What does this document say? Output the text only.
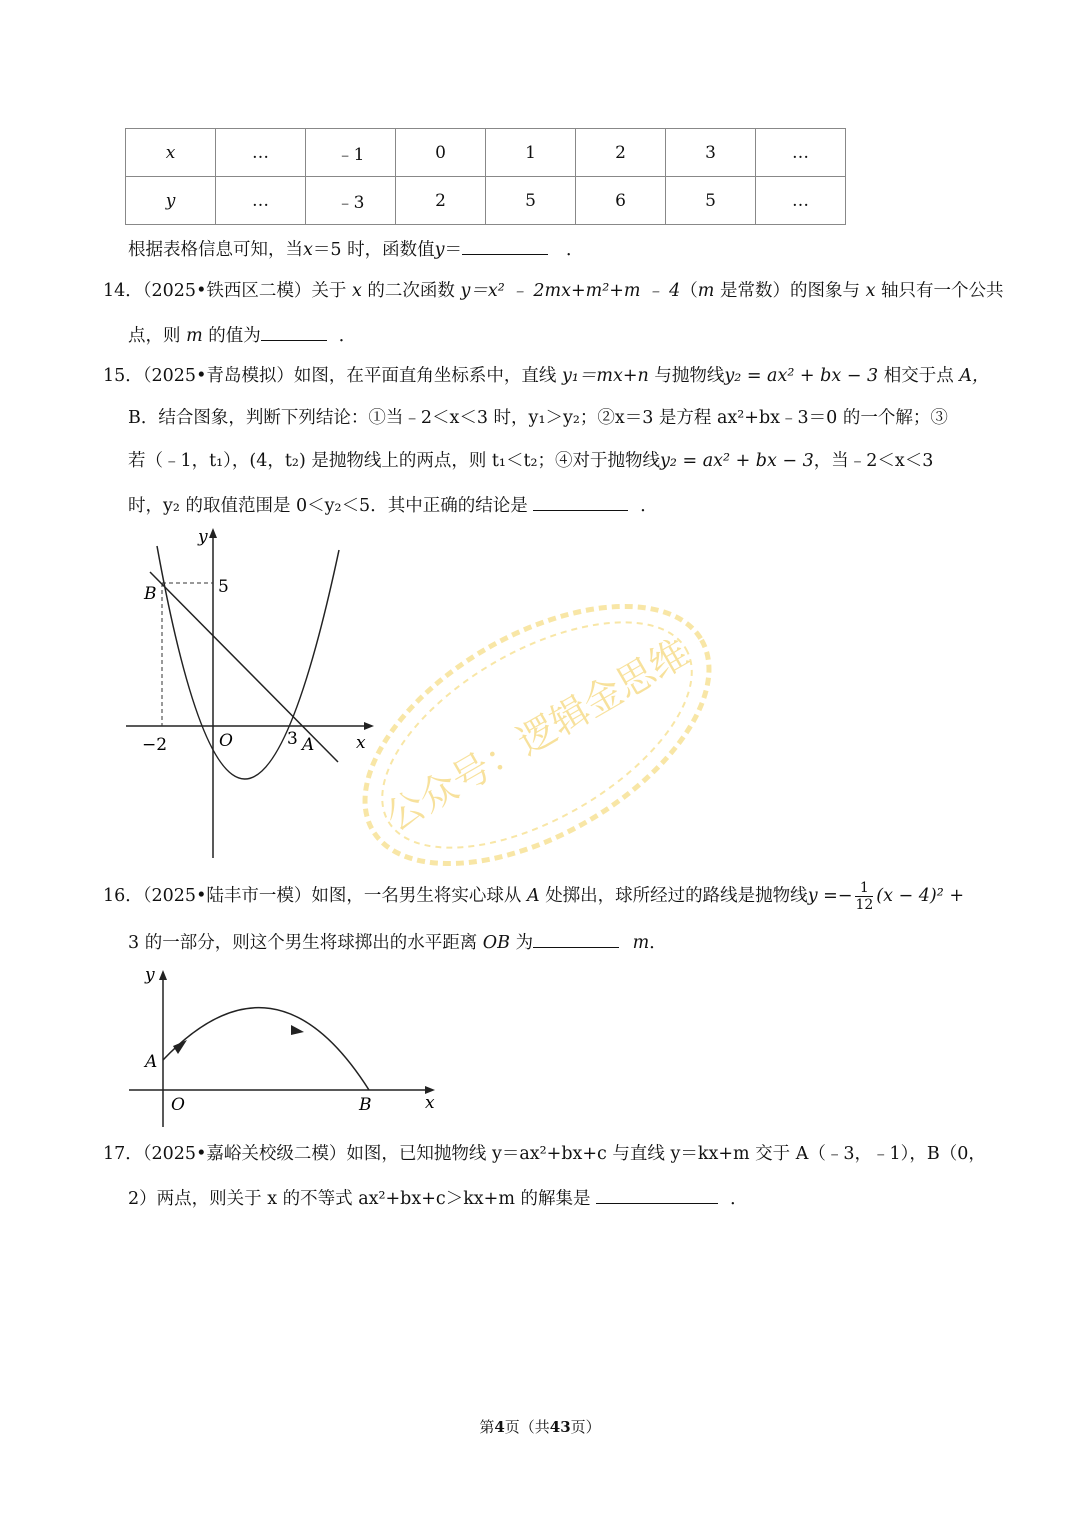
x	…	﹣1	0	1	2	3	…
y	…	﹣3	2	5	6	5	…
根据表格信息可知，当x＝5 时，函数值y＝	．
14．（2025•铁西区二模）关于 x 的二次函数 y＝x² ﹣ 2mx+m²+m ﹣ 4（m 是常数）的图象与 x 轴只有一个公共
点，则 m 的值为	．
15．（2025•青岛模拟）如图，在平面直角坐标系中，直线 y₁＝mx+n 与抛物线y₂ = ax² + bx − 3 相交于点 A，
B．结合图象，判断下列结论：①当﹣2＜x＜3 时，y₁＞y₂；②x＝3 是方程 ax²+bx﹣3＝0 的一个解；③
若（﹣1，t₁），(4，t₂) 是抛物线上的两点，则 t₁＜t₂；④对于抛物线y₂ = ax² + bx − 3，当﹣2＜x＜3
时，y₂ 的取值范围是 0＜y₂＜5．其中正确的结论是	．
y
5
B
−2	O	3 A x 公众号：逻辑金思维
16．（2025•陆丰市一模）如图，一名男生将实心球从 A 处掷出，球所经过的路线是抛物线$y =- \frac{1}{12} (x - 4)^2$ +
3 的一部分，则这个男生将球掷出的水平距离 OB 为	m．
y
A
O	B	x
17．（2025•嘉峪关校级二模）如图，已知抛物线 y＝ax²+bx+c 与直线 y＝kx+m 交于 A（﹣3，﹣1），B（0，
2）两点，则关于 x 的不等式 ax²+bx+c＞kx+m 的解集是	．
第4页（共43页）
